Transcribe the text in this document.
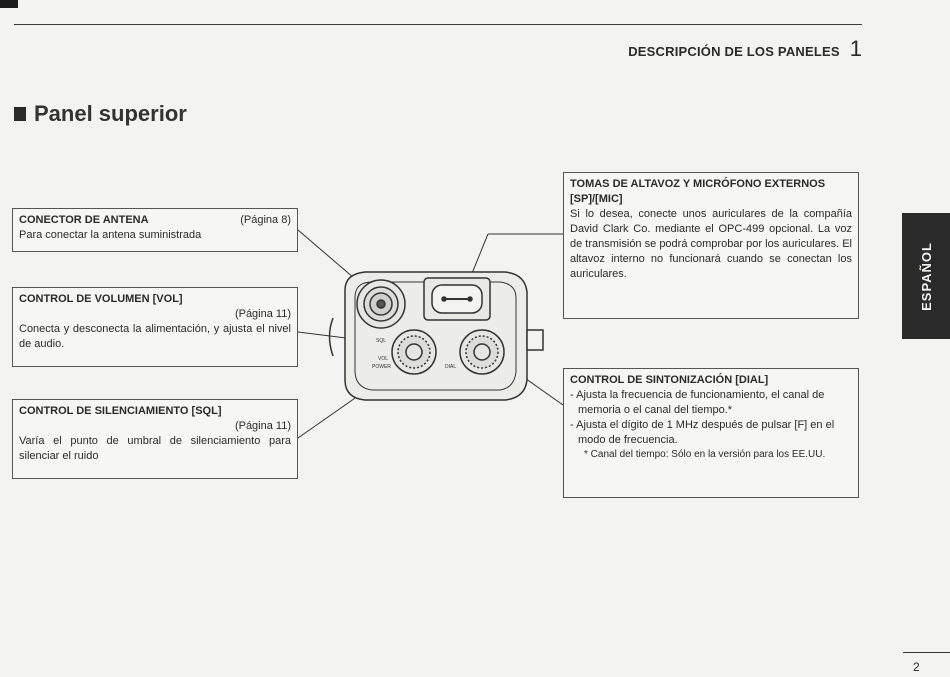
DESCRIPCIÓN DE LOS PANELES 1
Panel superior
SQL
VOL
POWER	DIAL
CONECTOR DE ANTENA	(Página 8)
Para conectar la antena suministrada
CONTROL DE VOLUMEN [VOL]
(Página 11)
Conecta y desconecta la alimentación, y ajusta el nivel de audio.
CONTROL DE SILENCIAMIENTO [SQL]
(Página 11)
Varía el punto de umbral de silenciamiento para silenciar el ruido
TOMAS DE ALTAVOZ Y MICRÓFONO EXTERNOS [SP]/[MIC]
Si lo desea, conecte unos auriculares de la compañía David Clark Co. mediante el OPC-499 opcional. La voz de transmisión se podrá comprobar por los auriculares. El altavoz interno no funcionará cuando se conectan los auriculares.
CONTROL DE SINTONIZACIÓN [DIAL]
- Ajusta la frecuencia de funcionamiento, el canal de memoria o el canal del tiempo.*
- Ajusta el dígito de 1 MHz después de pulsar [F] en el modo de frecuencia.
* Canal del tiempo: Sólo en la versión para los EE.UU.
ESPAÑOL
2
